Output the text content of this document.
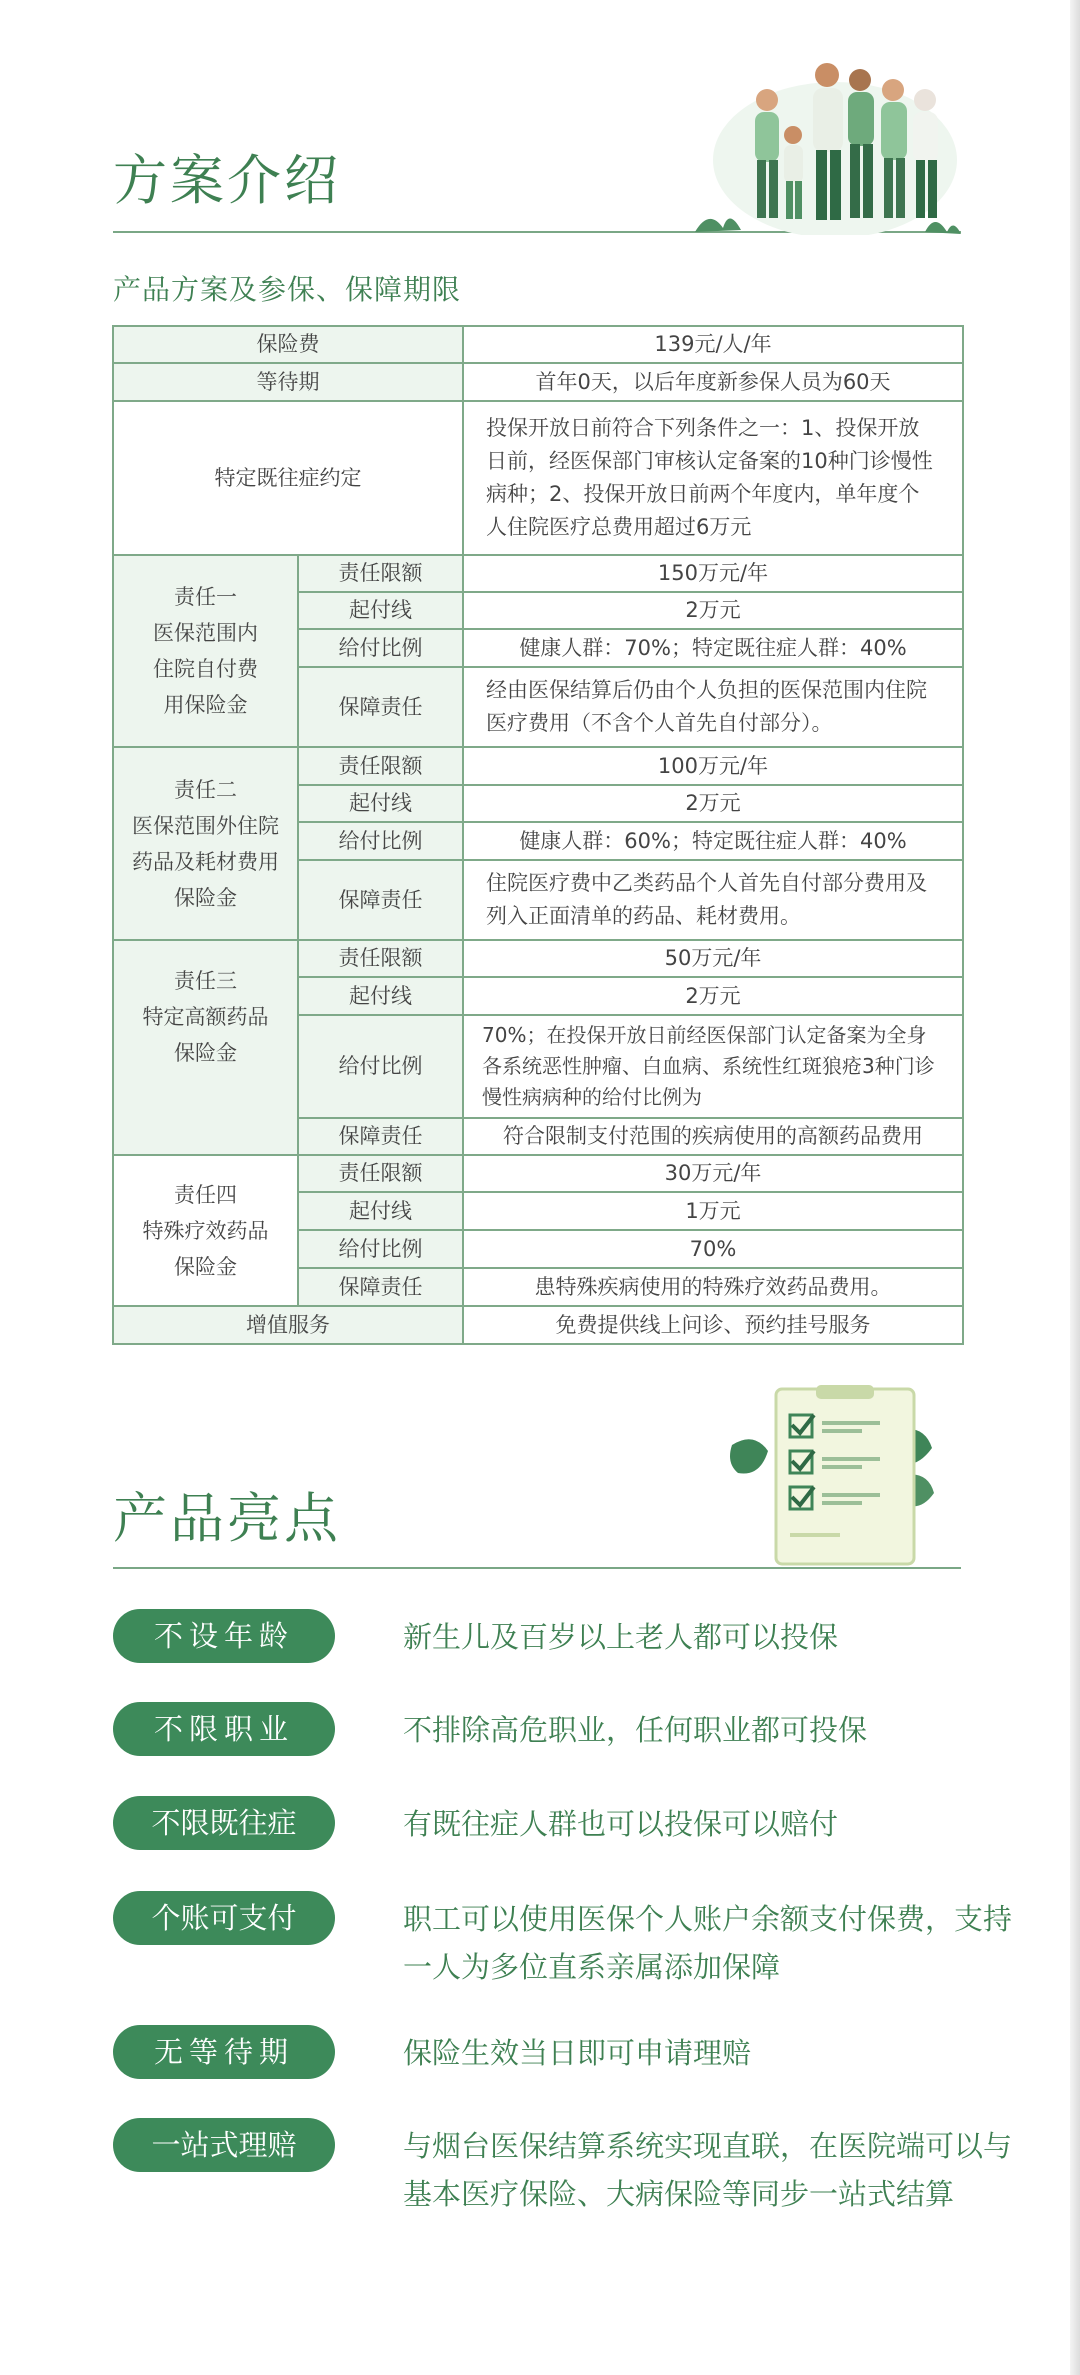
方案介绍
产品方案及参保、保障期限
保险费		139元/人/年
等待期		首年0天，以后年度新参保人员为60天
特定既往症约定		投保开放日前符合下列条件之一：1、投保开放日前，经医保部门审核认定备案的10种门诊慢性病种；2、投保开放日前两个年度内，单年度个人住院医疗总费用超过6万元
责任一
医保范围内
住院自付费
用保险金	责任限额	150万元/年
	起付线	2万元
	给付比例	健康人群：70%；特定既往症人群：40%
	保障责任	经由医保结算后仍由个人负担的医保范围内住院医疗费用（不含个人首先自付部分）。
责任二
医保范围外住院
药品及耗材费用
保险金	责任限额	100万元/年
	起付线	2万元
	给付比例	健康人群：60%；特定既往症人群：40%
	保障责任	住院医疗费中乙类药品个人首先自付部分费用及列入正面清单的药品、耗材费用。
责任三
特定高额药品
保险金	责任限额	50万元/年
	起付线	2万元
	给付比例	70%；在投保开放日前经医保部门认定备案为全身各系统恶性肿瘤、白血病、系统性红斑狼疮3种门诊慢性病病种的给付比例为
	保障责任	符合限制支付范围的疾病使用的高额药品费用
责任四
特殊疗效药品
保险金	责任限额	30万元/年
	起付线	1万元
	给付比例	70%
	保障责任	患特殊疾病使用的特殊疗效药品费用。
增值服务		免费提供线上问诊、预约挂号服务
产品亮点
不设年龄	新生儿及百岁以上老人都可以投保
不限职业	不排除高危职业，任何职业都可投保
不限既往症	有既往症人群也可以投保可以赔付
个账可支付	职工可以使用医保个人账户余额支付保费，支持一人为多位直系亲属添加保障
无等待期	保险生效当日即可申请理赔
一站式理赔	与烟台医保结算系统实现直联，在医院端可以与基本医疗保险、大病保险等同步一站式结算
